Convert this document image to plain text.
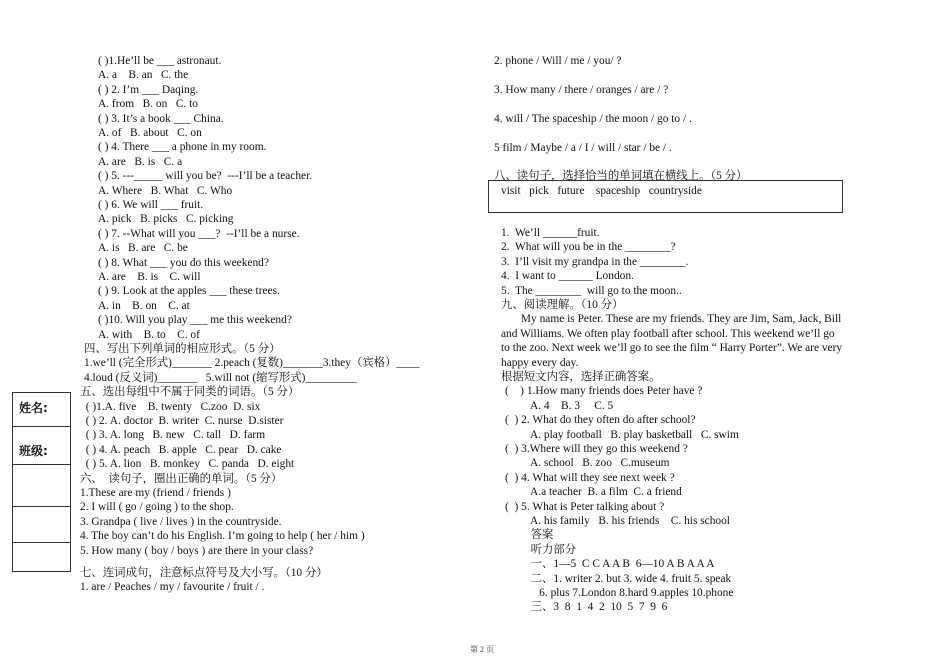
姓名:
班级:
( )1.He’ll be ___ astronaut.
A. a    B. an   C. the
( ) 2. I’m ___ Daqing.
A. from   B. on   C. to
( ) 3. It’s a book ___ China.
A. of   B. about   C. on
( ) 4. There ___ a phone in my room.
A. are   B. is   C. a
( ) 5. ---_____ will you be?  ---I’ll be a teacher.
A. Where   B. What   C. Who
( ) 6. We will ___ fruit.
A. pick   B. picks   C. picking
( ) 7. --What will you ___?  --I’ll be a nurse.
A. is   B. are   C. be
( ) 8. What ___ you do this weekend?
A. are    B. is    C. will
( ) 9. Look at the apples ___ these trees.
A. in    B. on    C. at
( )10. Will you play ___ me this weekend?
A. with    B. to    C. of
四、写出下列单词的相应形式。（5 分）
1.we’ll (完全形式)_______ 2.peach (复数)_______3.they（宾格）____
4.loud (反义词)_______   5.will not (缩写形式)_________
五、选出每组中不属于同类的词语。（5 分）
( )1.A. five    B. twenty   C.zoo  D. six
( ) 2. A. doctor  B. writer  C. nurse  D.sister
( ) 3. A. long   B. new   C. tall   D. farm
( ) 4. A. peach   B. apple   C. pear   D. cake
( ) 5. A. lion   B. monkey   C. panda   D. eight
六、  读句子，圈出正确的单词。（5 分）
1.These are my (friend / friends )
2. I will ( go / going ) to the shop.
3. Grandpa ( live / lives ) in the countryside.
4. The boy can’t do his English. I’m going to help ( her / him )
5. How many ( boy / boys ) are there in your class?
七、连词成句，注意标点符号及大小写。（10 分）
1. are / Peaches / my / favourite / fruit / .
2. phone / Will / me / you/ ?
3. How many / there / oranges / are / ?
4. will / The spaceship / the moon / go to / .
5 film / Maybe / a / I / will / star / be / .
八、读句子，选择恰当的单词填在横线上。（5 分）
visit   pick   future    spaceship   countryside
1.  We’ll ______fruit.
2.  What will you be in the ________?
3.  I’ll visit my grandpa in the ________.
4.  I want to ______ London.
5.  The ________  will go to the moon..
九、阅读理解。（10 分）
My name is Peter. These are my friends. They are Jim, Sam, Jack, Bill
and Williams. We often play football after school. This weekend we’ll go
to the zoo. Next week we’ll go to see the film “ Harry Porter”. We are very
happy every day.
根据短文内容，选择正确答案。
(    ) 1.How many friends does Peter have ?
A. 4    B. 3     C. 5
(  ) 2. What do they often do after school?
A. play football   B. play basketball   C. swim
(  ) 3.Where will they go this weekend ?
A. school   B. zoo   C.museum
(  ) 4. What will they see next week ?
A.a teacher  B. a film  C. a friend
(  ) 5. What is Peter talking about ?
A. his family   B. his friends    C. his school
答案
听力部分
一、1—5  C C A A B  6—10 A B A A A
二、1. writer 2. but 3. wide 4. fruit 5. speak
6. plus 7.London 8.hard 9.apples 10.phone
三、3  8  1  4  2  10  5  7  9  6
第 2 页
